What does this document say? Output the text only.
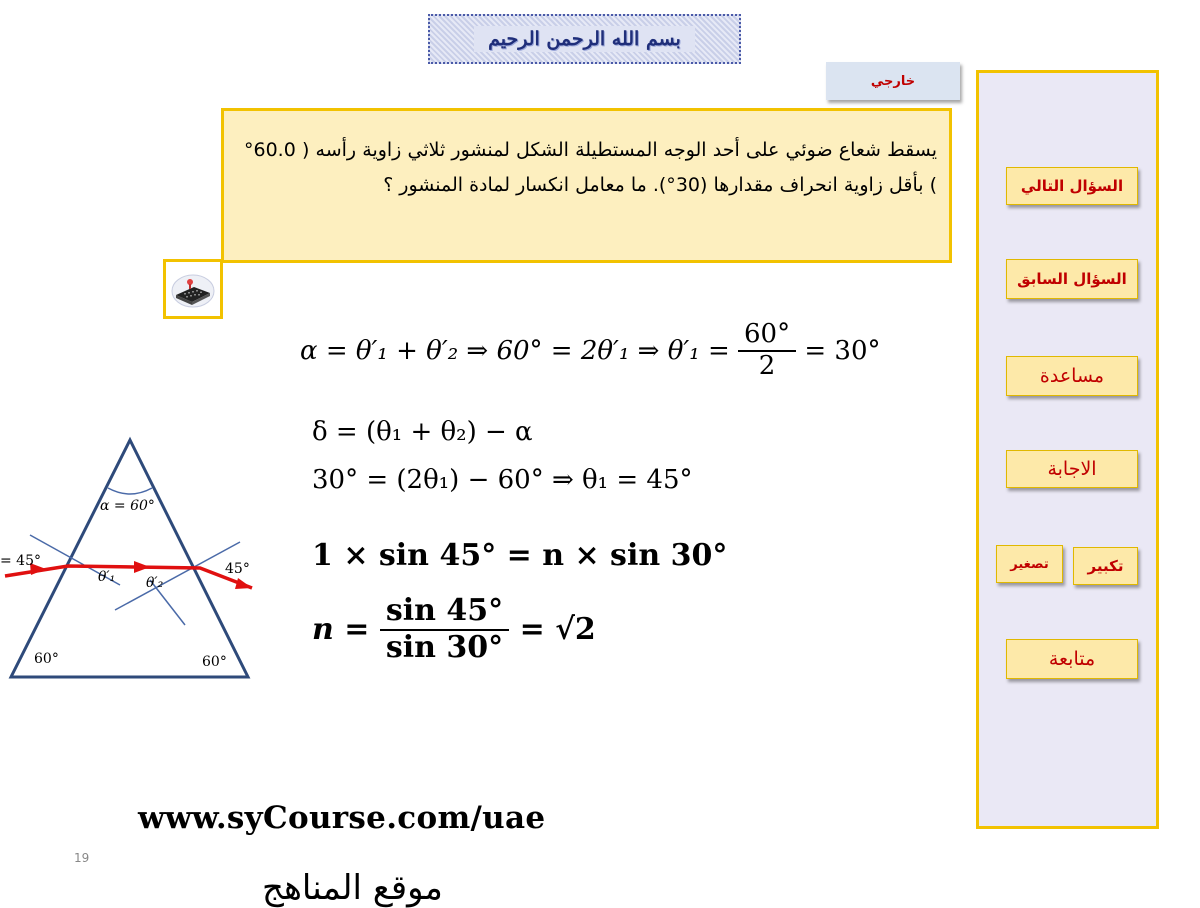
بسم الله الرحمن الرحيم
خارجي
يسقط شعاع ضوئي على أحد الوجه المستطيلة الشكل لمنشور ثلاثي زاوية رأسه ( 60.0° ) بأقل زاوية انحراف مقدارها (30°). ما معامل انكسار لمادة المنشور ؟	السؤال التالي
السؤال السابق
مساعدة
الاجابة
تصغير	تكبير
متابعة
α = 60°
= 45°	45°
θ′₁ θ′₂
60°	60°
α = θ′₁ + θ′₂ ⇒ 60° = 2θ′₁ ⇒ $\theta'_1 = \frac{60^\circ}{2} = 30^\circ$
δ = (θ₁ + θ₂) − α
30° = (2θ₁) − 60° ⇒ θ₁ = 45°
1 × sin 45° = n × sin 30°
$n = \frac{\sin 45^\circ}{\sin 30^\circ} = √2$
www.syCourse.com/uae
19
موقع المناهج
